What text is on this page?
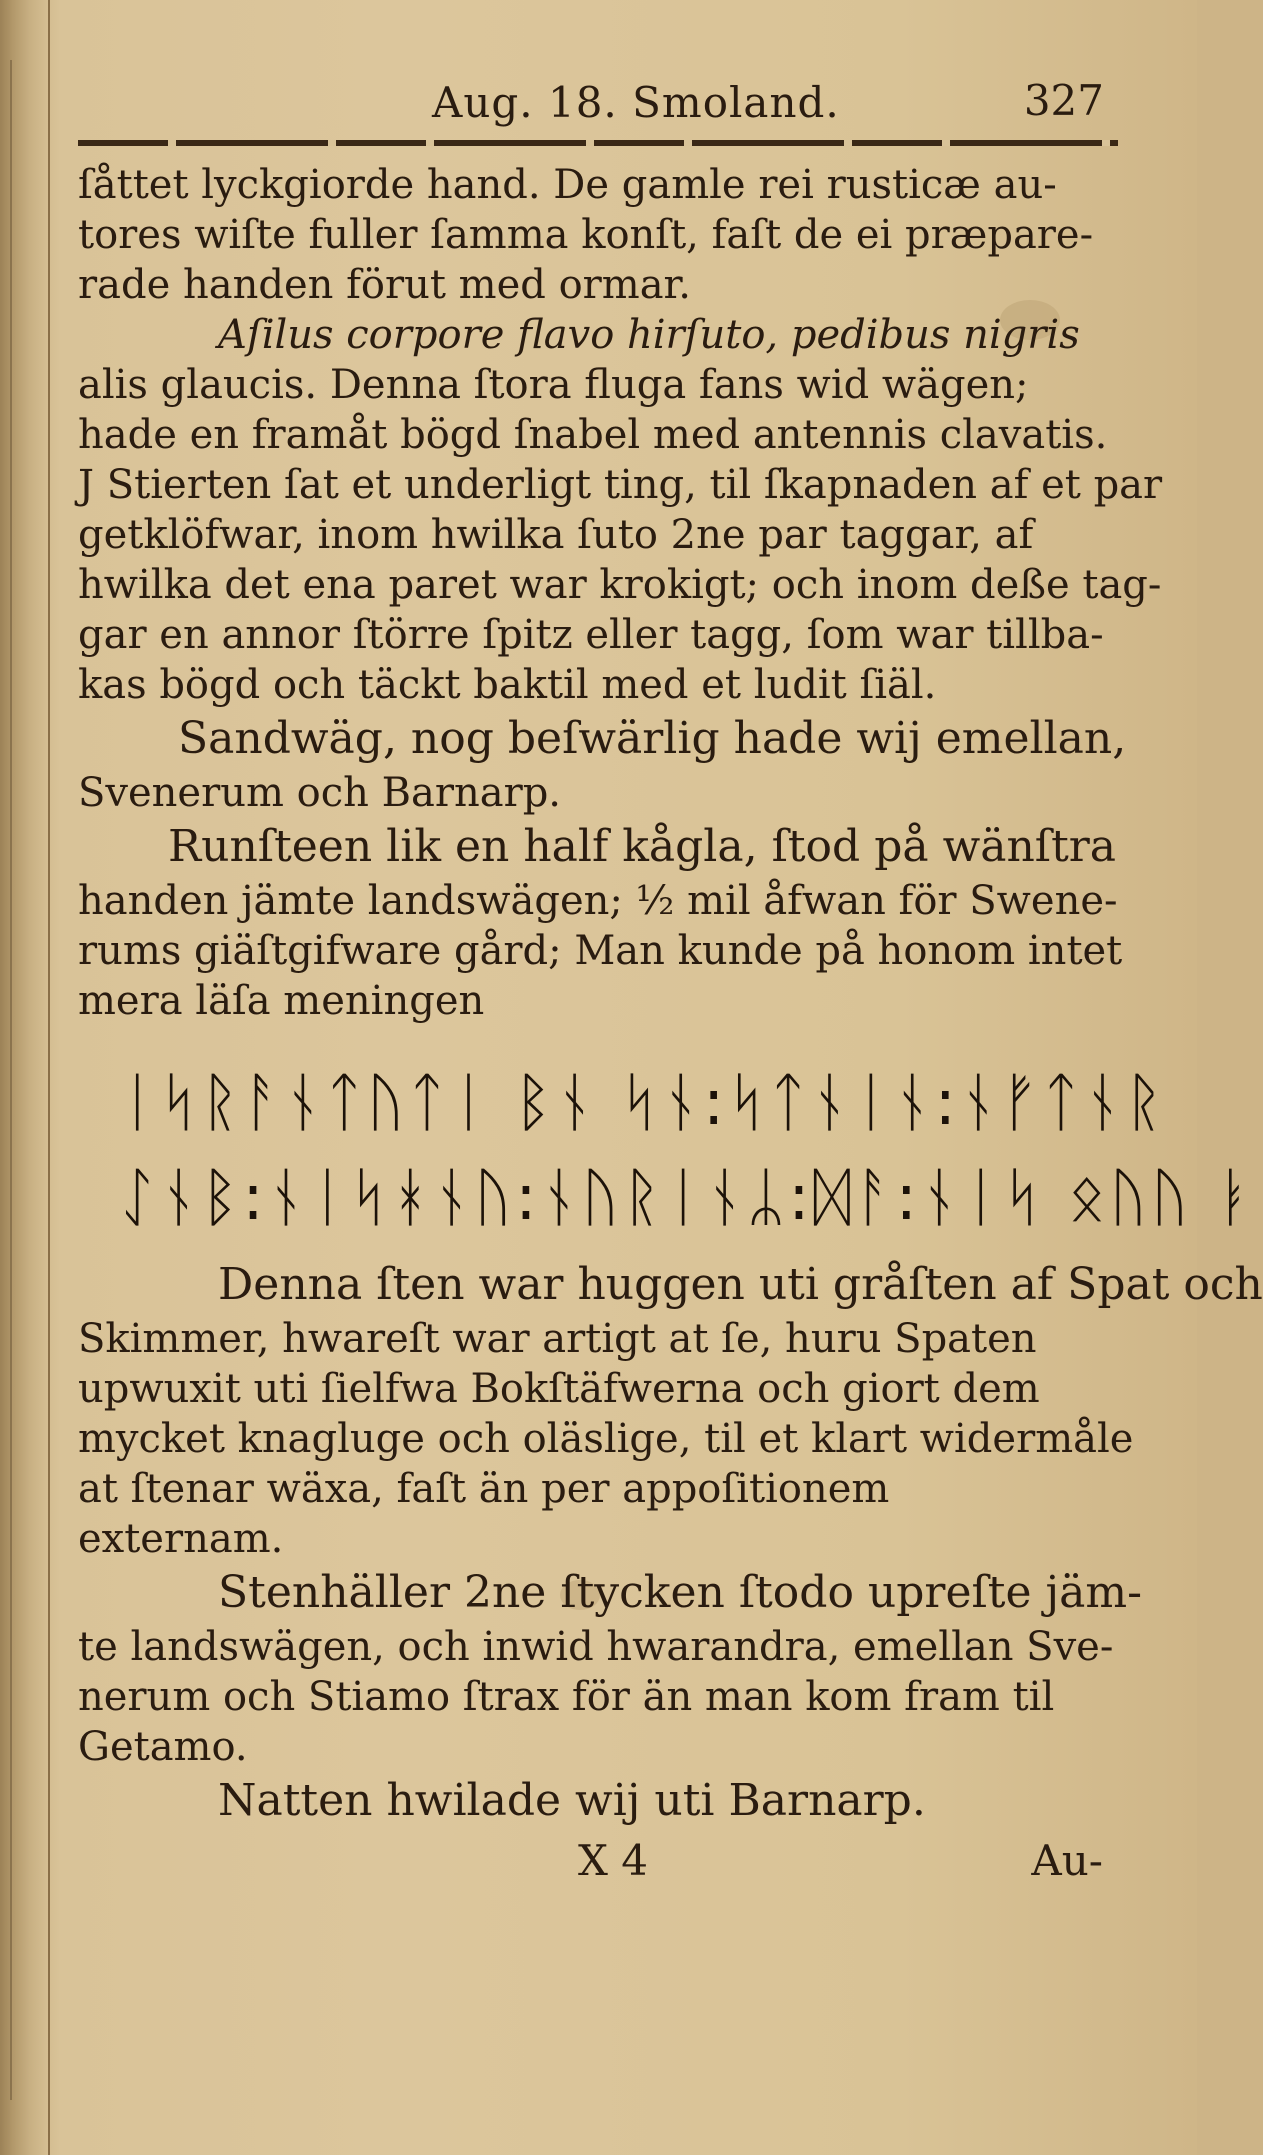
Aug. 18. Smoland.	327
ſåttet lyckgiorde hand. De gamle rei rusticæ au-
tores wiſte fuller ſamma konſt, faſt de ei præpare-
rade handen förut med ormar.
Aſilus corpore flavo hirſuto, pedibus nigris
alis glaucis. Denna ſtora fluga fans wid wägen;
hade en framåt bögd ſnabel med antennis clavatis.
J Stierten ſat et underligt ting, til ſkapnaden af et par
getklöfwar, inom hwilka ſuto 2ne par taggar, af
hwilka det ena paret war krokigt; och inom deße tag-
gar en annor ſtörre ſpitz eller tagg, ſom war tillba-
kas bögd och täckt baktil med et ludit ſiäl.
Sandwäg, nog beſwärlig hade wij emellan,
Svenerum och Barnarp.
Runſteen lik en half kågla, ſtod på wänſtra
handen jämte landswägen; ½ mil åfwan för Swene-
rums giäſtgifware gård; Man kunde på honom intet
mera läſa meningen
ᛁᛋᚱᚨᚾᛏᚢᛏᛁ ᛒᚾ ᛋᚾ:ᛋᛏᚾᛁᚾ:ᚾᚠᛏᚾᚱ
ᛇᚾᛒ:ᚾᛁᛋᚼᚾᚢ:ᚾᚢᚱᛁᚾᛦ:ᛞᚨ:ᚾᛁᛋ ᛟᚢᚢ ᛓ
Denna ſten war huggen uti gråſten af Spat och
Skimmer, hwareſt war artigt at ſe, huru Spaten
upwuxit uti ſielfwa Bokſtäfwerna och giort dem
mycket knagluge och oläslige, til et klart widermåle
at ſtenar wäxa, faſt än per appoſitionem
externam.
Stenhäller 2ne ſtycken ſtodo upreſte jäm-
te landswägen, och inwid hwarandra, emellan Sve-
nerum och Stiamo ſtrax för än man kom fram til
Getamo.
Natten hwilade wij uti Barnarp.
X 4	Au-
